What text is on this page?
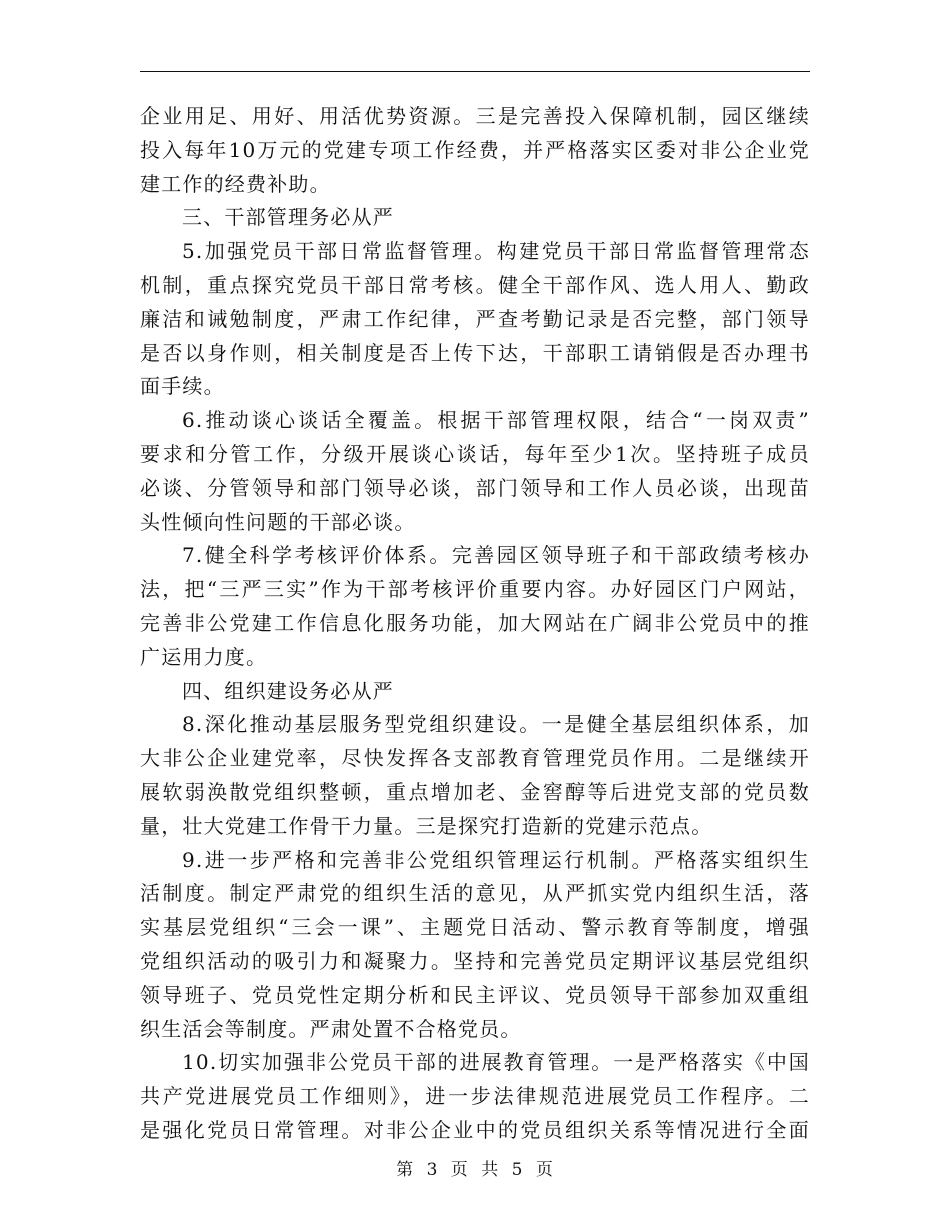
企业用足、用好、用活优势资源。三是完善投入保障机制，园区继续
投入每年10万元的党建专项工作经费，并严格落实区委对非公企业党
建工作的经费补助。
三、干部管理务必从严
5.加强党员干部日常监督管理。构建党员干部日常监督管理常态
机制，重点探究党员干部日常考核。健全干部作风、选人用人、勤政
廉洁和诫勉制度，严肃工作纪律，严查考勤记录是否完整，部门领导
是否以身作则，相关制度是否上传下达，干部职工请销假是否办理书
面手续。
6.推动谈心谈话全覆盖。根据干部管理权限，结合“一岗双责”
要求和分管工作，分级开展谈心谈话，每年至少1次。坚持班子成员
必谈、分管领导和部门领导必谈，部门领导和工作人员必谈，出现苗
头性倾向性问题的干部必谈。
7.健全科学考核评价体系。完善园区领导班子和干部政绩考核办
法，把“三严三实”作为干部考核评价重要内容。办好园区门户网站，
完善非公党建工作信息化服务功能，加大网站在广阔非公党员中的推
广运用力度。
四、组织建设务必从严
8.深化推动基层服务型党组织建设。一是健全基层组织体系，加
大非公企业建党率，尽快发挥各支部教育管理党员作用。二是继续开
展软弱涣散党组织整顿，重点增加老、金窖醇等后进党支部的党员数
量，壮大党建工作骨干力量。三是探究打造新的党建示范点。
9.进一步严格和完善非公党组织管理运行机制。严格落实组织生
活制度。制定严肃党的组织生活的意见，从严抓实党内组织生活，落
实基层党组织“三会一课”、主题党日活动、警示教育等制度，增强
党组织活动的吸引力和凝聚力。坚持和完善党员定期评议基层党组织
领导班子、党员党性定期分析和民主评议、党员领导干部参加双重组
织生活会等制度。严肃处置不合格党员。
10.切实加强非公党员干部的进展教育管理。一是严格落实《中国
共产党进展党员工作细则》，进一步法律规范进展党员工作程序。二
是强化党员日常管理。对非公企业中的党员组织关系等情况进行全面
第 3 页 共 5 页
